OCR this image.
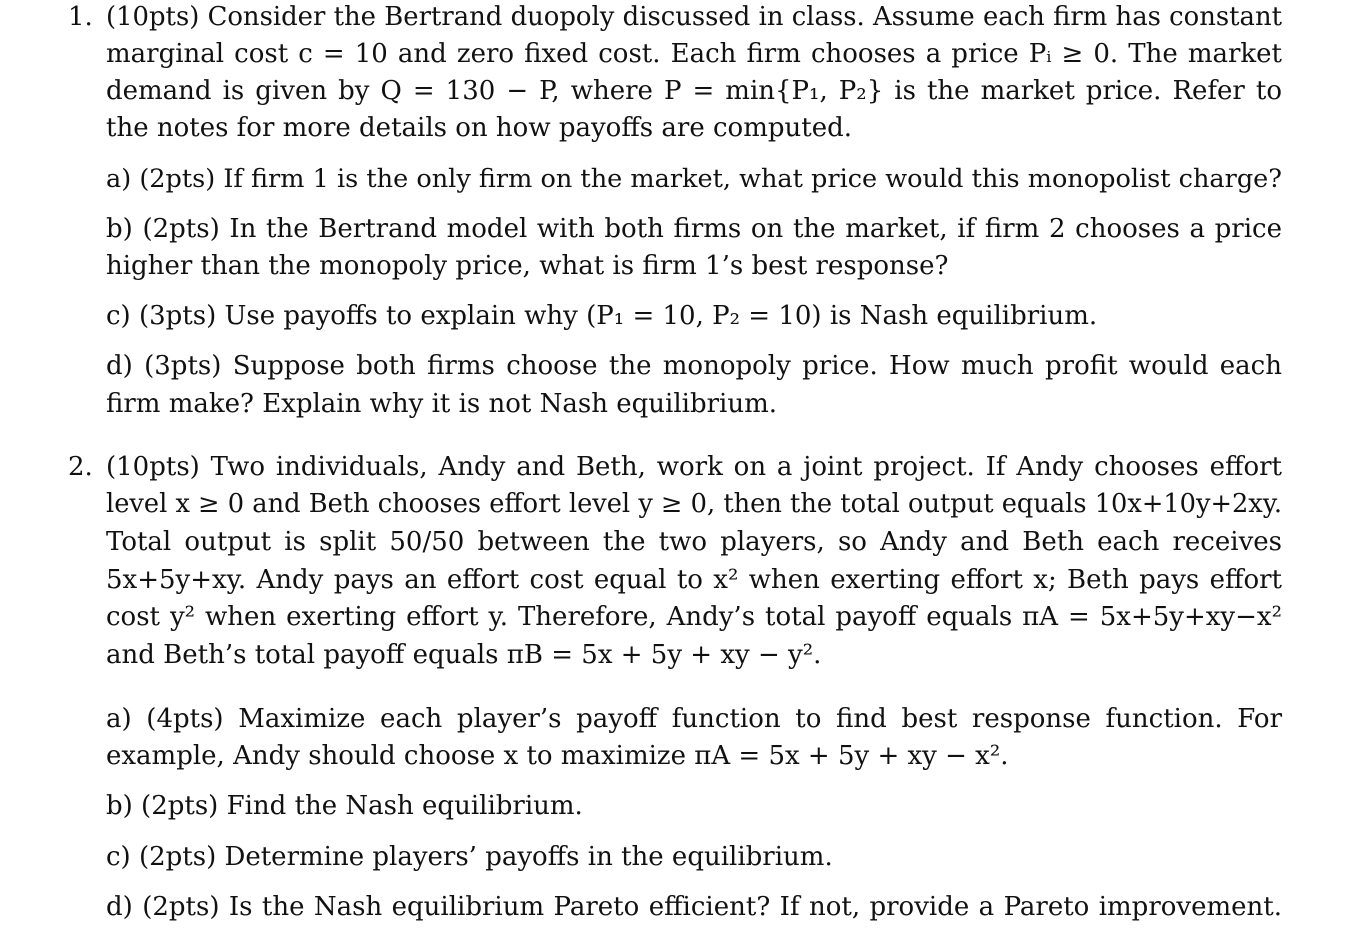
1. (10pts) Consider the Bertrand duopoly discussed in class. Assume each firm has constant
marginal cost c = 10 and zero fixed cost. Each firm chooses a price Pᵢ ≥ 0. The market
demand is given by Q = 130 − P, where P = min{P₁, P₂} is the market price. Refer to
the notes for more details on how payoffs are computed.
a) (2pts) If firm 1 is the only firm on the market, what price would this monopolist charge?
b) (2pts) In the Bertrand model with both firms on the market, if firm 2 chooses a price
higher than the monopoly price, what is firm 1’s best response?
c) (3pts) Use payoffs to explain why (P₁ = 10, P₂ = 10) is Nash equilibrium.
d) (3pts) Suppose both firms choose the monopoly price. How much profit would each
firm make? Explain why it is not Nash equilibrium.
2. (10pts) Two individuals, Andy and Beth, work on a joint project. If Andy chooses effort
level x ≥ 0 and Beth chooses effort level y ≥ 0, then the total output equals 10x+10y+2xy.
Total output is split 50/50 between the two players, so Andy and Beth each receives
5x+5y+xy. Andy pays an effort cost equal to x² when exerting effort x; Beth pays effort
cost y² when exerting effort y. Therefore, Andy’s total payoff equals πA = 5x+5y+xy−x²
and Beth’s total payoff equals πB = 5x + 5y + xy − y².
a) (4pts) Maximize each player’s payoff function to find best response function. For
example, Andy should choose x to maximize πA = 5x + 5y + xy − x².
b) (2pts) Find the Nash equilibrium.
c) (2pts) Determine players’ payoffs in the equilibrium.
d) (2pts) Is the Nash equilibrium Pareto efficient? If not, provide a Pareto improvement.
